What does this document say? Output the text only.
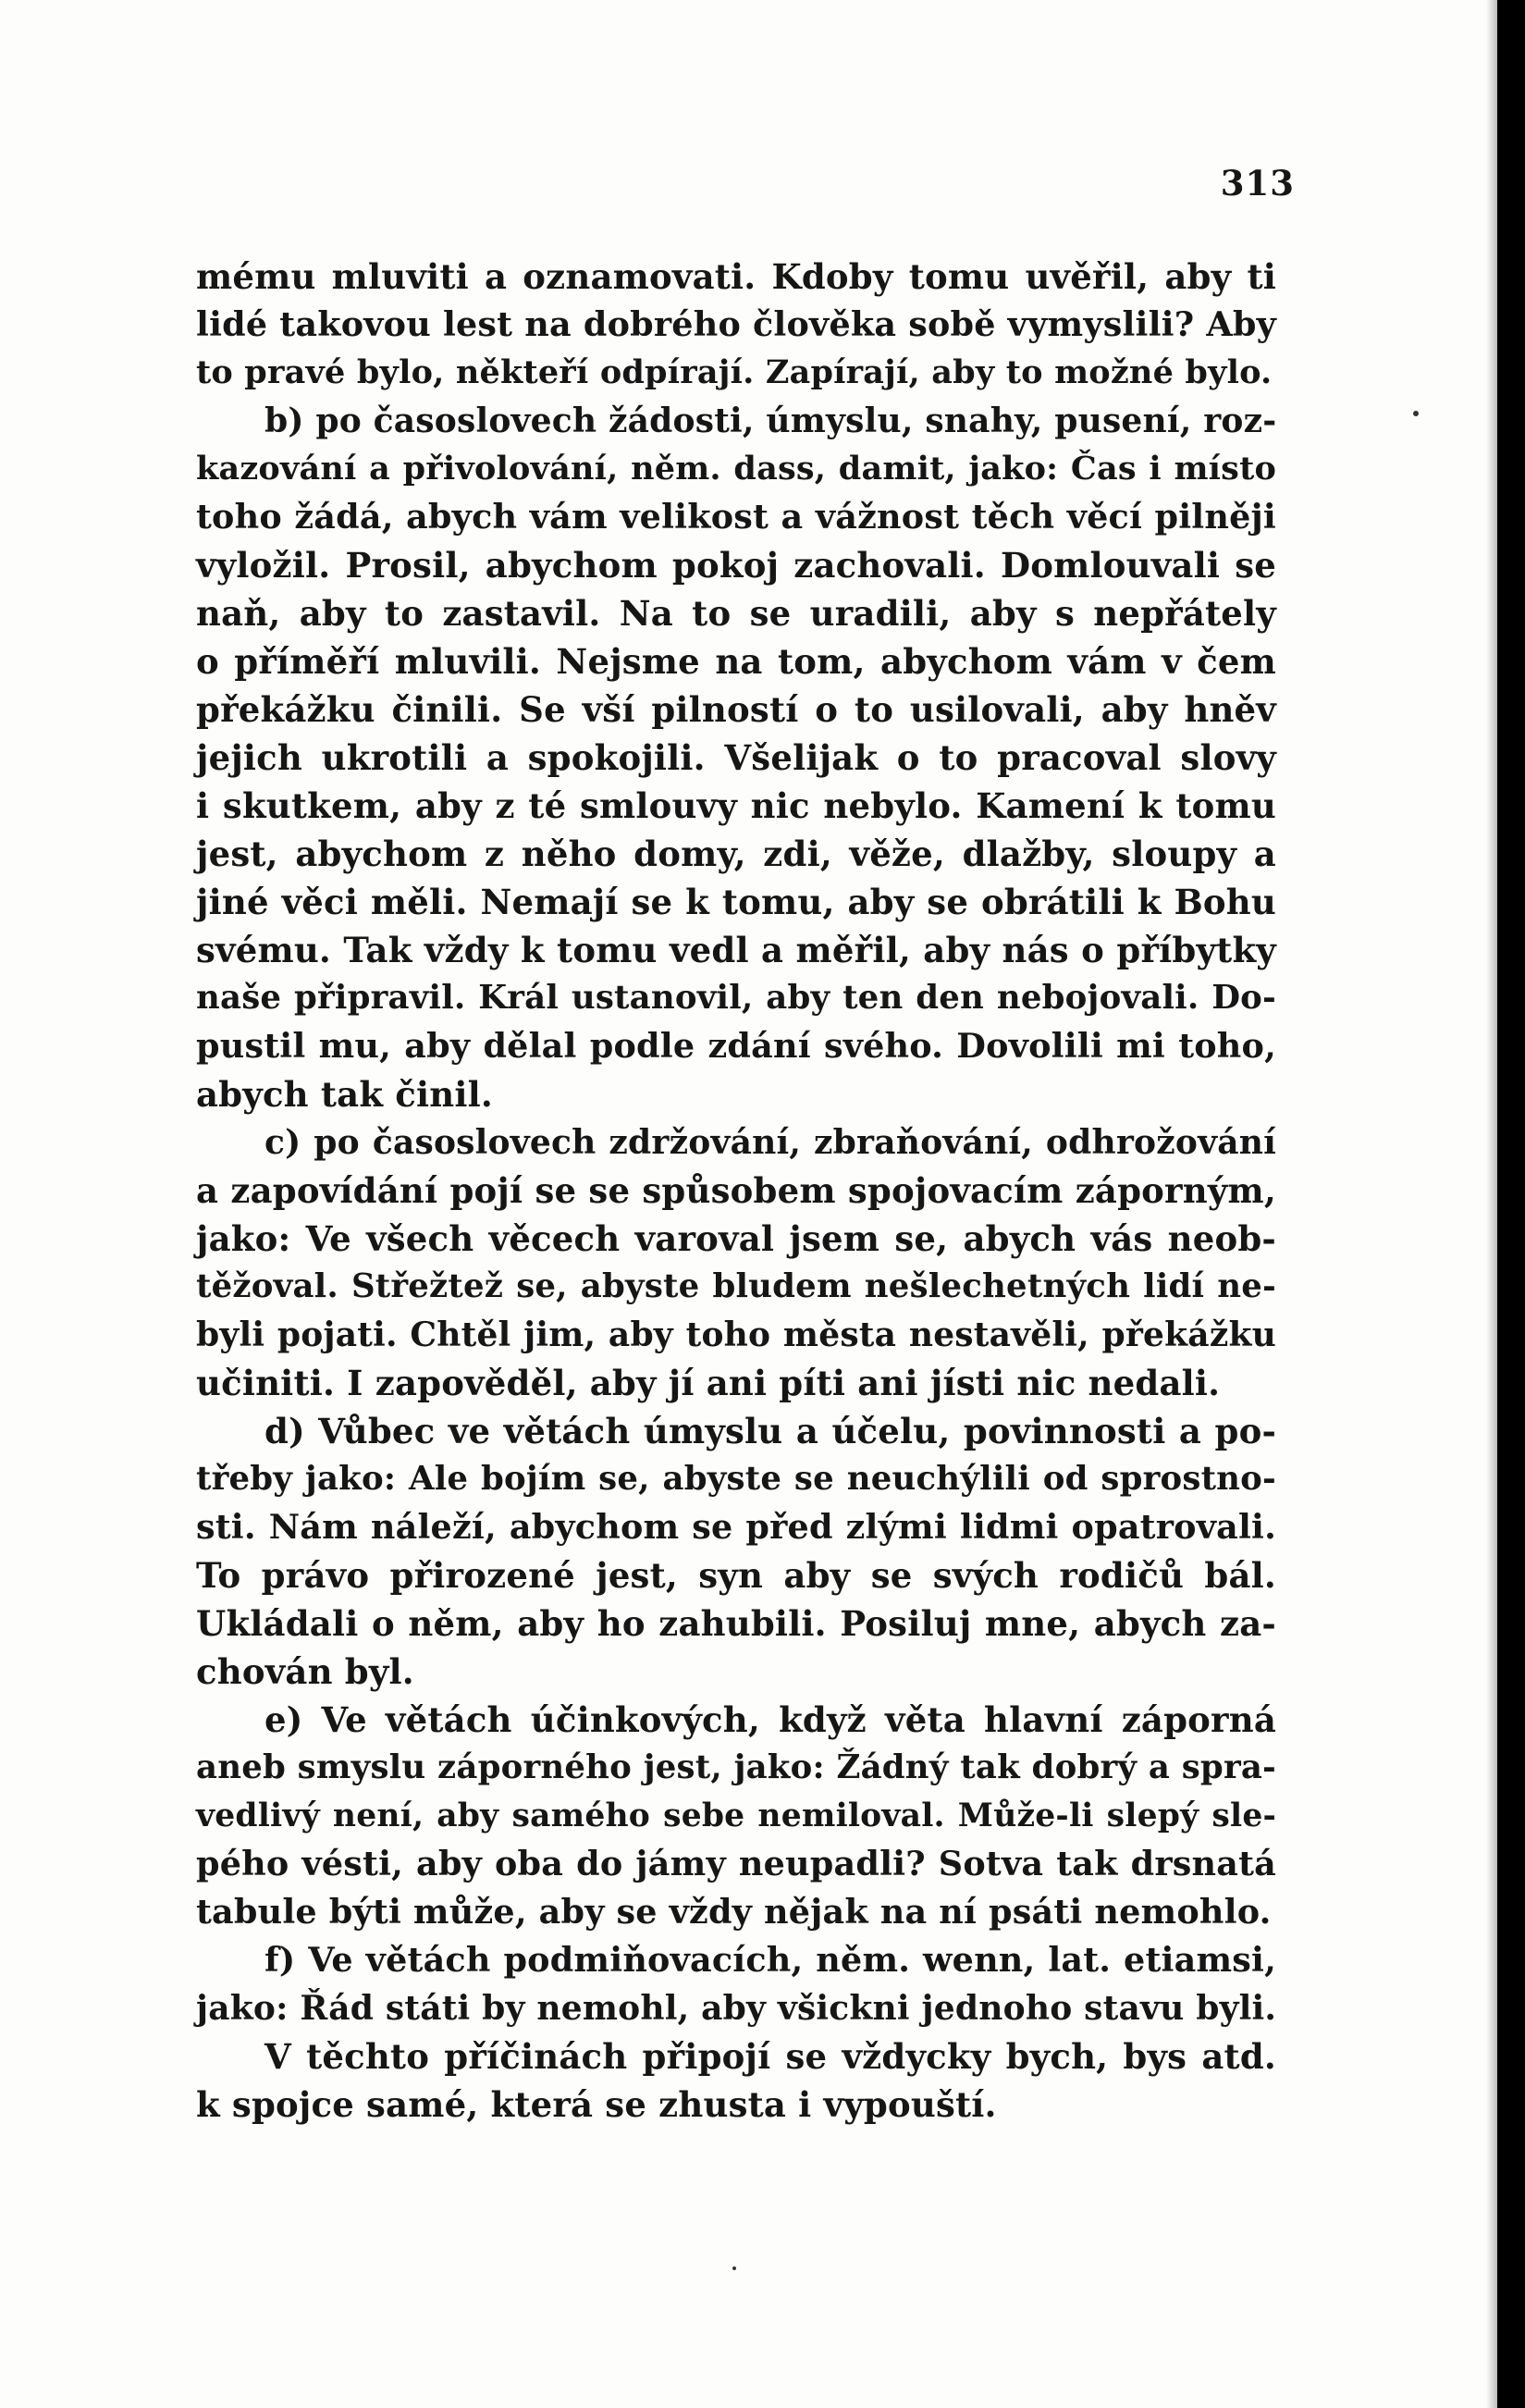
313
mému mluviti a oznamovati. Kdoby tomu uvěřil, aby ti
lidé takovou lest na dobrého člověka sobě vymyslili? Aby
to pravé bylo, někteří odpírají. Zapírají, aby to možné bylo.
b) po časoslovech žádosti, úmyslu, snahy, pusení, roz-
kazování a přivolování, něm. dass, damit, jako: Čas i místo
toho žádá, abych vám velikost a vážnost těch věcí pilněji
vyložil. Prosil, abychom pokoj zachovali. Domlouvali se
naň, aby to zastavil. Na to se uradili, aby s nepřátely
o příměří mluvili. Nejsme na tom, abychom vám v čem
překážku činili. Se vší pilností o to usilovali, aby hněv
jejich ukrotili a spokojili. Všelijak o to pracoval slovy
i skutkem, aby z té smlouvy nic nebylo. Kamení k tomu
jest, abychom z něho domy, zdi, věže, dlažby, sloupy a
jiné věci měli. Nemají se k tomu, aby se obrátili k Bohu
svému. Tak vždy k tomu vedl a měřil, aby nás o příbytky
naše připravil. Král ustanovil, aby ten den nebojovali. Do-
pustil mu, aby dělal podle zdání svého. Dovolili mi toho,
abych tak činil.
c) po časoslovech zdržování, zbraňování, odhrožování
a zapovídání pojí se se spůsobem spojovacím záporným,
jako: Ve všech věcech varoval jsem se, abych vás neob-
těžoval. Střežtež se, abyste bludem nešlechetných lidí ne-
byli pojati. Chtěl jim, aby toho města nestavěli, překážku
učiniti. I zapověděl, aby jí ani píti ani jísti nic nedali.
d) Vůbec ve větách úmyslu a účelu, povinnosti a po-
třeby jako: Ale bojím se, abyste se neuchýlili od sprostno-
sti. Nám náleží, abychom se před zlými lidmi opatrovali.
To právo přirozené jest, syn aby se svých rodičů bál.
Ukládali o něm, aby ho zahubili. Posiluj mne, abych za-
chován byl.
e) Ve větách účinkových, když věta hlavní záporná
aneb smyslu záporného jest, jako: Žádný tak dobrý a spra-
vedlivý není, aby samého sebe nemiloval. Může-li slepý sle-
pého vésti, aby oba do jámy neupadli? Sotva tak drsnatá
tabule býti může, aby se vždy nějak na ní psáti nemohlo.
f) Ve větách podmiňovacích, něm. wenn, lat. etiamsi,
jako: Řád státi by nemohl, aby všickni jednoho stavu byli.
V těchto příčinách připojí se vždycky bych, bys atd.
k spojce samé, která se zhusta i vypouští.
